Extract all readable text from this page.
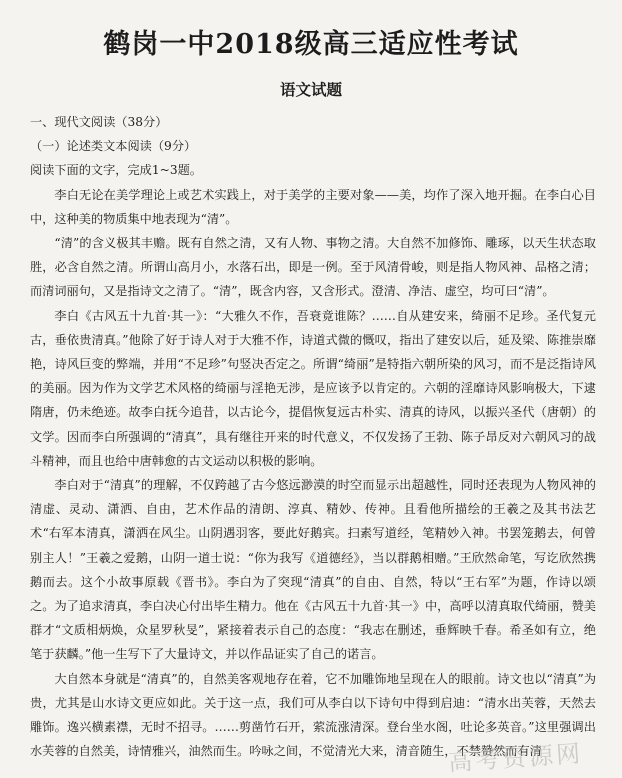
鹤岗一中2018级高三适应性考试
语文试题

一、现代文阅读（38分）

（一）论述类文本阅读（9分）

阅读下面的文字，完成1~3题。

李白无论在美学理论上或艺术实践上，对于美学的主要对象——美，均作了深入地开掘。在李白心目中，这种美的物质集中地表现为“清”。

“清”的含义极其丰赡。既有自然之清，又有人物、事物之清。大自然不加修饰、雕琢，以天生状态取胜，必含自然之清。所谓山高月小，水落石出，即是一例。至于风清骨峻，则是指人物风神、品格之清；而清词丽句，又是指诗文之清了。“清”，既含内容，又含形式。澄清、净洁、虚空，均可曰“清”。

李白《古风五十九首·其一》：“大雅久不作，吾衰竟谁陈？……自从建安来，绮丽不足珍。圣代复元古，垂依贵清真。”他除了好于诗人对于大雅不作，诗道式微的慨叹，指出了建安以后，延及梁、陈推崇靡艳，诗风巨变的弊端，并用“不足珍”句竖决否定之。所谓“绮丽”是特指六朝所染的风习，而不是泛指诗风的美丽。因为作为文学艺术风格的绮丽与淫艳无涉，是应该予以肯定的。六朝的淫靡诗风影响极大，下逮隋唐，仍未绝迹。故李白抚今追昔，以古论今，提倡恢复远古朴实、清真的诗风，以振兴圣代（唐朝）的文学。因而李白所强调的“清真”，具有继往开来的时代意义，不仅发扬了王勃、陈子昂反对六朝风习的战斗精神，而且也给中唐韩愈的古文运动以积极的影响。

李白对于“清真”的理解，不仅跨越了古今悠远渺漠的时空而显示出超越性，同时还表现为人物风神的清虚、灵动、潇洒、自由，艺术作品的清朗、淳真、精妙、传神。且看他所描绘的王羲之及其书法艺术“右军本清真，潇洒在风尘。山阴遇羽客，要此好鹅宾。扫素写道经，笔精妙入神。书罢笼鹅去，何曾别主人！”王羲之爱鹅，山阴一道士说：“你为我写《道德经》，当以群鹅相赠。”王欣然命笔，写讫欣然携鹅而去。这个小故事原载《晋书》。李白为了突现“清真”的自由、自然，特以“王右军”为题，作诗以颂之。为了追求清真，李白决心付出毕生精力。他在《古风五十九首·其一》中，高呼以清真取代绮丽，赞美群才“文质相炳焕，众星罗秋旻”，紧接着表示自己的态度：“我志在删述，垂辉映千春。希圣如有立，绝笔于获麟。”他一生写下了大量诗文，并以作品证实了自己的诺言。

大自然本身就是“清真”的，自然美客观地存在着，它不加雕饰地呈现在人的眼前。诗文也以“清真”为贵，尤其是山水诗文更应如此。关于这一点，我们可从李白以下诗句中得到启迪：“清水出芙蓉，天然去雕饰。逸兴横素襟，无时不招寻。……剪凿竹石开，萦流涨清深。登台坐水阁，吐论多英音。”这里强调出水芙蓉的自然美，诗情雅兴，油然而生。吟咏之间，不觉清光大来，清音随生，不禁赞然而有清

高考资源网
